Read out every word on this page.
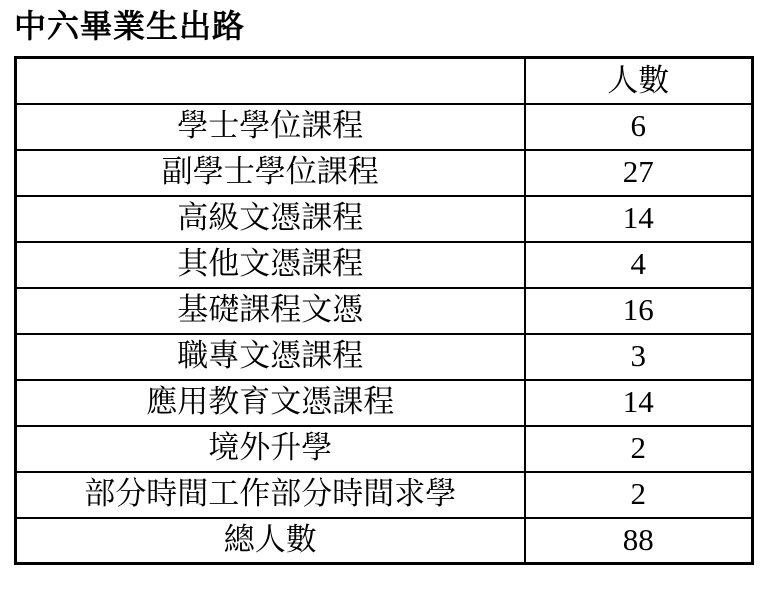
中六畢業生出路
	人數
學士學位課程	6
副學士學位課程	27
高級文憑課程	14
其他文憑課程	4
基礎課程文憑	16
職專文憑課程	3
應用教育文憑課程	14
境外升學	2
部分時間工作部分時間求學	2
總人數	88
